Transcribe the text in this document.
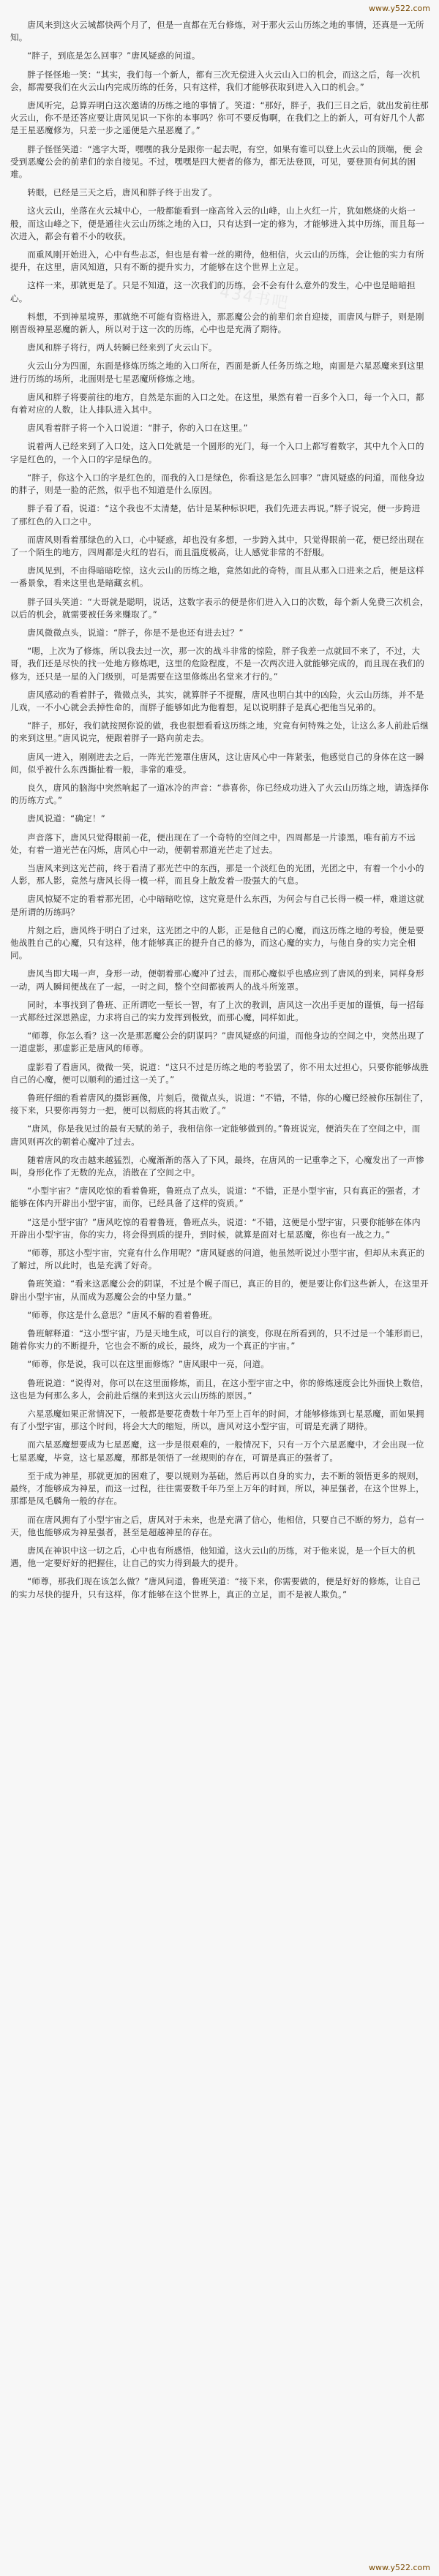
www.y522.com
434书吧

唐风来到这火云城都快两个月了，但是一直都在无台修炼，对于那火云山历练之地的事情，还真是一无所知。

“胖子，到底是怎么回事？”唐风疑惑的问道。

胖子怪怪地一笑：“其实，我们每一个新人，都有三次无偿进入火云山入口的机会，而这之后，每一次机会，都需要我们在火云山内完成历练的任务，只有这样，我们才能够获取到进入入口的机会。”

唐风听完，总算弄明白这次邀请的历练之地的事情了。笑道：“那好，胖子，我们三日之后，就出发前往那火云山，你不是还答应要让唐风见识一下你的本事吗？你可不要反悔啊，在我们之上的新人，可有好几个人都是王星恶魔修为，只差一步之遥便是六星恶魔了。”

胖子怪怪笑道：“逃字大哥，嘿嘿的我分是跟你一起去呢，有空，如果有谁可以登上火云山的顶端，便 会受到恶魔公会的前辈们的亲自接见。不过，嘿嘿是四大便者的修为，都无法登顶，可见，要登顶有何其的困难。

转眼，已经是三天之后，唐风和胖子终于出发了。

这火云山，坐落在火云城中心，一般都能看到一座高耸入云的山峰，山上火红一片，犹如燃烧的火焰一般，而这山峰之下，便是通往火云山历练之地的入口，只有达到一定的修为，才能够进入其中历练，而且每一次进入，都会有着不小的收获。

而重风刚开始进入，心中有些忐忑，但也是有着一丝的期待，他相信，火云山的历练，会让他的实力有所提升，在这里，唐风知道，只有不断的提升实力，才能够在这个世界上立足。

这样一来，那就更是了。只是不知道，这一次我们的历练，会不会有什么意外的发生，心中也是暗暗担心。

料想，不到神星境界，那就绝不可能有资格进入，那恶魔公会的前辈们亲自迎接，而唐风与胖子，则是刚刚晋级神星恶魔的新人，所以对于这一次的历练，心中也是充满了期待。

唐风和胖子将行，两人转瞬已经来到了火云山下。

火云山分为四面，东面是修炼历练之地的入口所在，西面是新人任务历练之地，南面是六星恶魔来到这里进行历练的场所，北面则是七星恶魔所修炼之地。

唐风和胖子将要前往的地方，自然是东面的入口之处。在这里，果然有着一百多个入口，每一个入口，都有着对应的人数，让人排队进入其中。

唐风看着胖子将一个入口说道：“胖子，你的入口在这里。”

说着两人已经来到了入口处，这入口处就是一个圆形的光门，每一个入口上都写着数字，其中九个入口的字是红色的，一个入口的字是绿色的。

“胖子，你这个入口的字是红色的，而我的入口是绿色，你看这是怎么回事？”唐风疑惑的问道，而他身边的胖子，则是一脸的茫然，似乎也不知道是什么原因。

胖子看了看，说道：“这个我也不太清楚，估计是某种标识吧，我们先进去再说。”胖子说完，便一步跨进了那红色的入口之中。

而唐风则看着那绿色的入口，心中疑惑，却也没有多想，一步跨入其中，只觉得眼前一花，便已经出现在了一个陌生的地方，四周都是火红的岩石，而且温度极高，让人感觉非常的不舒服。

唐风见到，不由得暗暗吃惊，这火云山的历练之地，竟然如此的奇特，而且从那入口进来之后，便是这样一番景象，看来这里也是暗藏玄机。

胖子回头笑道：“大哥就是聪明，说话，这数字表示的便是你们进入入口的次数，每个新人免费三次机会，以后的机会，就需要被任务来赚取了。”

唐风微微点头，说道：“胖子，你是不是也还有进去过？”

“嗯，上次为了修炼，所以我去过一次，那一次的战斗非常的惊险，胖子我差一点就回不来了，不过，大哥，我们还是尽快的找一处地方修炼吧，这里的危险程度，不是一次两次进入就能够完成的，而且现在我们的修为，还只是一星的入门级别，可是需要在这里修炼出名堂来才行的。”

唐风感动的看着胖子，微微点头，其实，就算胖子不提醒，唐风也明白其中的凶险，火云山历练，并不是儿戏，一不小心就会丢掉性命的，而胖子能够如此为他着想，足以说明胖子是真心把他当兄弟的。

“胖子，那好，我们就按照你说的做，我也很想看看这历练之地，究竟有何特殊之处，让这么多人前赴后继的来到这里。”唐风说完，便跟着胖子一路向前走去。

唐风一进入，刚刚进去之后，一阵光芒笼罩住唐风，这让唐风心中一阵紧张，他感觉自己的身体在这一瞬间，似乎被什么东西撕扯着一般，非常的难受。

良久，唐风的脑海中突然响起了一道冰冷的声音：“恭喜你，你已经成功进入了火云山历练之地，请选择你的历练方式。”

唐风说道：“确定！”

声音落下，唐风只觉得眼前一花，便出现在了一个奇特的空间之中，四周都是一片漆黑，唯有前方不远处，有着一道光芒在闪烁，唐风心中一动，便朝着那道光芒走了过去。

当唐风来到这光芒前，终于看清了那光芒中的东西，那是一个淡红色的光团，光团之中，有着一个小小的人影，那人影，竟然与唐风长得一模一样，而且身上散发着一股强大的气息。

唐风惊疑不定的看着那光团，心中暗暗吃惊，这究竟是什么东西，为何会与自己长得一模一样，难道这就是所谓的历练吗？

片刻之后，唐风终于明白了过来，这光团之中的人影，正是他自己的心魔，而这历练之地的考验，便是要他战胜自己的心魔，只有这样，他才能够真正的提升自己的修为，而这心魔的实力，与他自身的实力完全相同。

唐风当即大喝一声，身形一动，便朝着那心魔冲了过去，而那心魔似乎也感应到了唐风的到来，同样身形一动，两人瞬间便战在了一起，一时之间，整个空间都被两人的战斗所笼罩。

同时，本事找到了鲁班、正所谓吃一堑长一智，有了上次的教训，唐风这一次出手更加的谨慎，每一招每一式都经过深思熟虑，力求将自己的实力发挥到极致，而那心魔，同样如此。

“师尊，你怎么看？这一次是那恶魔公会的阴谋吗？”唐风疑惑的问道，而他身边的空间之中，突然出现了一道虚影，那虚影正是唐风的师尊。

虚影看了看唐风，微微一笑，说道：“这只不过是历练之地的考验罢了，你不用太过担心，只要你能够战胜自己的心魔，便可以顺利的通过这一关了。”

鲁班仔细的看着唐风的摄影画像，片刻后，微微点头，说道：“不错，不错，你的心魔已经被你压制住了，接下来，只要你再努力一把，便可以彻底的将其击败了。”

“唐风，你是我见过的最有天赋的弟子，我相信你一定能够做到的。”鲁班说完，便消失在了空间之中，而唐风则再次的朝着心魔冲了过去。

随着唐风的攻击越来越猛烈，心魔渐渐的落入了下风，最终，在唐风的一记重拳之下，心魔发出了一声惨叫，身形化作了无数的光点，消散在了空间之中。

“小型宇宙？”唐风吃惊的看着鲁班，鲁班点了点头，说道：“不错，正是小型宇宙，只有真正的强者，才能够在体内开辟出小型宇宙，而你，已经具备了这样的资质。”

“这是小型宇宙？”唐风吃惊的看着鲁班，鲁班点头，说道：“不错，这便是小型宇宙，只要你能够在体内开辟出小型宇宙，你的实力，将会得到质的提升，到时候，就算是面对七星恶魔，你也有一战之力。”

“师尊，那这小型宇宙，究竟有什么作用呢？”唐风疑惑的问道，他虽然听说过小型宇宙，但却从未真正的了解过，所以此时，也是充满了好奇。

鲁班笑道：“看来这恶魔公会的阴谋，不过是个幌子而已，真正的目的，便是要让你们这些新人，在这里开辟出小型宇宙，从而成为恶魔公会的中坚力量。”

“师尊，你这是什么意思？”唐风不解的看着鲁班。

鲁班解释道：“这小型宇宙，乃是天地生成，可以自行的演变，你现在所看到的，只不过是一个雏形而已，随着你实力的不断提升，它也会不断的成长，最终，成为一个真正的宇宙。”

“师尊，你是说，我可以在这里面修炼？”唐风眼中一亮，问道。

鲁班说道：“说得对，你可以在这里面修炼，而且，在这小型宇宙之中，你的修炼速度会比外面快上数倍，这也是为何那么多人，会前赴后继的来到这火云山历练的原因。”

六星恶魔如果正常情况下，一般都是要花费数十年乃至上百年的时间，才能够修炼到七星恶魔，而如果拥有了小型宇宙，那这个时间，将会大大的缩短，所以，唐风对这小型宇宙，可谓是充满了期待。

而六星恶魔想要成为七星恶魔，这一步是很艰难的，一般情况下，只有一万个六星恶魔中，才会出现一位七星恶魔，毕竟，这七星恶魔，那都是领悟了一丝规则的存在，可谓是真正的强者了。

至于成为神星，那就更加的困难了，要以规则为基础，然后再以自身的实力，去不断的领悟更多的规则，最终，才能够成为神星，而这一过程，往往需要数千年乃至上万年的时间，所以，神星强者，在这个世界上，那都是凤毛麟角一般的存在。

而在唐风拥有了小型宇宙之后，唐风对于未来，也是充满了信心，他相信，只要自己不断的努力，总有一天，他也能够成为神星强者，甚至是超越神星的存在。

唐风在神识中这一切之后，心中也有所感悟，他知道，这火云山的历练，对于他来说，是一个巨大的机遇，他一定要好好的把握住，让自己的实力得到最大的提升。

“师尊，那我们现在该怎么做？”唐风问道，鲁班笑道：“接下来，你需要做的，便是好好的修炼，让自己的实力尽快的提升，只有这样，你才能够在这个世界上，真正的立足，而不是被人欺负。”

www.y522.com
